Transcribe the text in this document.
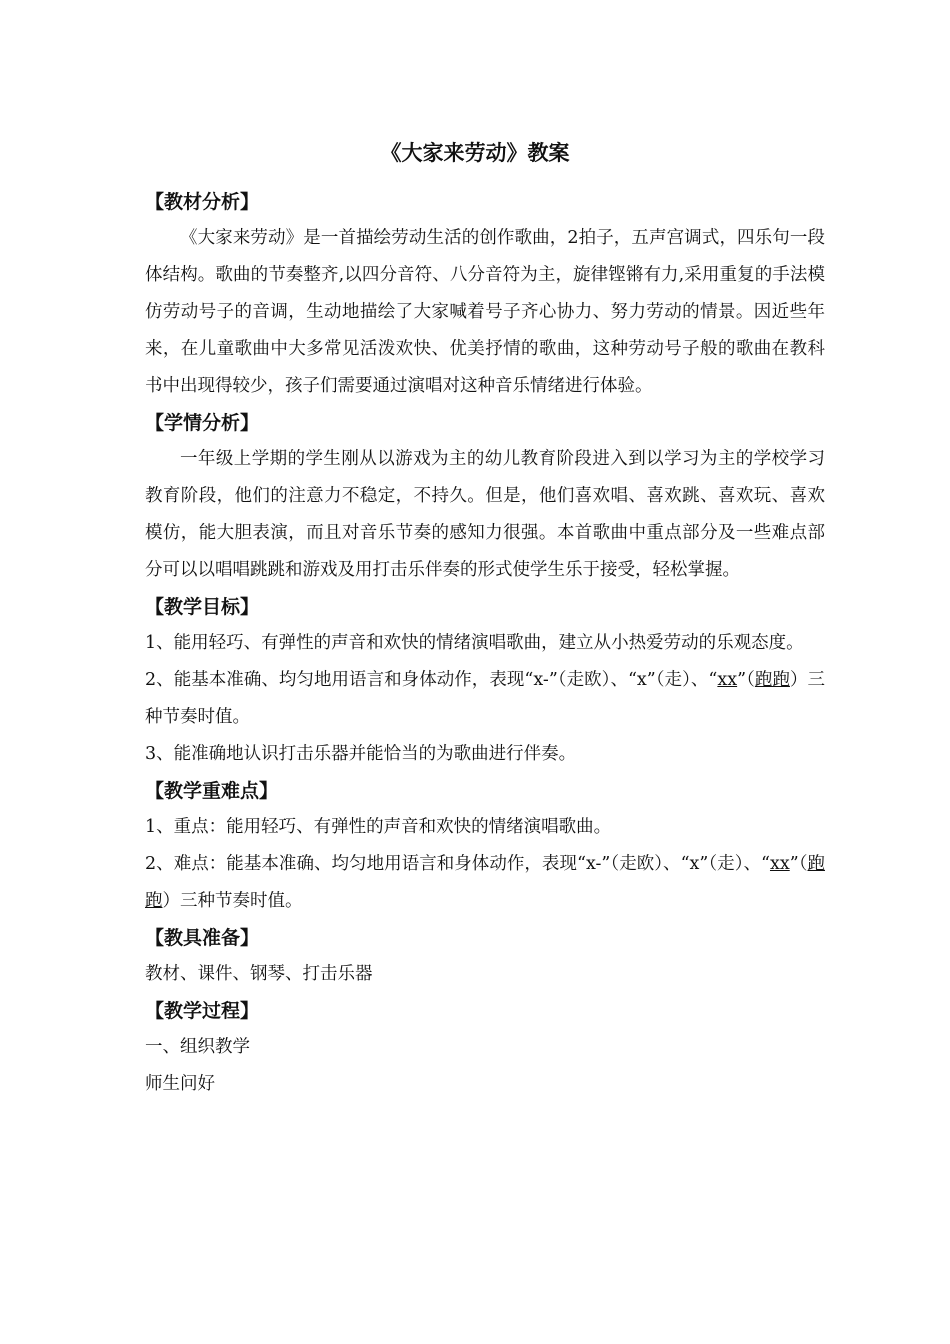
《大家来劳动》教案
【教材分析】
《大家来劳动》是一首描绘劳动生活的创作歌曲，2拍子，五声宫调式，四乐句一段体结构。歌曲的节奏整齐,以四分音符、八分音符为主，旋律铿锵有力,采用重复的手法模仿劳动号子的音调，生动地描绘了大家喊着号子齐心协力、努力劳动的情景。因近些年来，在儿童歌曲中大多常见活泼欢快、优美抒情的歌曲，这种劳动号子般的歌曲在教科书中出现得较少，孩子们需要通过演唱对这种音乐情绪进行体验。
【学情分析】
一年级上学期的学生刚从以游戏为主的幼儿教育阶段进入到以学习为主的学校学习教育阶段，他们的注意力不稳定，不持久。但是，他们喜欢唱、喜欢跳、喜欢玩、喜欢模仿，能大胆表演，而且对音乐节奏的感知力很强。本首歌曲中重点部分及一些难点部分可以以唱唱跳跳和游戏及用打击乐伴奏的形式使学生乐于接受，轻松掌握。
【教学目标】
1、能用轻巧、有弹性的声音和欢快的情绪演唱歌曲，建立从小热爱劳动的乐观态度。
2、能基本准确、均匀地用语言和身体动作，表现“x-”（走欧）、“x”（走）、“xx”（跑跑）三种节奏时值。
3、能准确地认识打击乐器并能恰当的为歌曲进行伴奏。
【教学重难点】
1、重点：能用轻巧、有弹性的声音和欢快的情绪演唱歌曲。
2、难点：能基本准确、均匀地用语言和身体动作，表现“x-”（走欧）、“x”（走）、“xx”（跑跑）三种节奏时值。
【教具准备】
教材、课件、钢琴、打击乐器
【教学过程】
一、组织教学
师生问好
